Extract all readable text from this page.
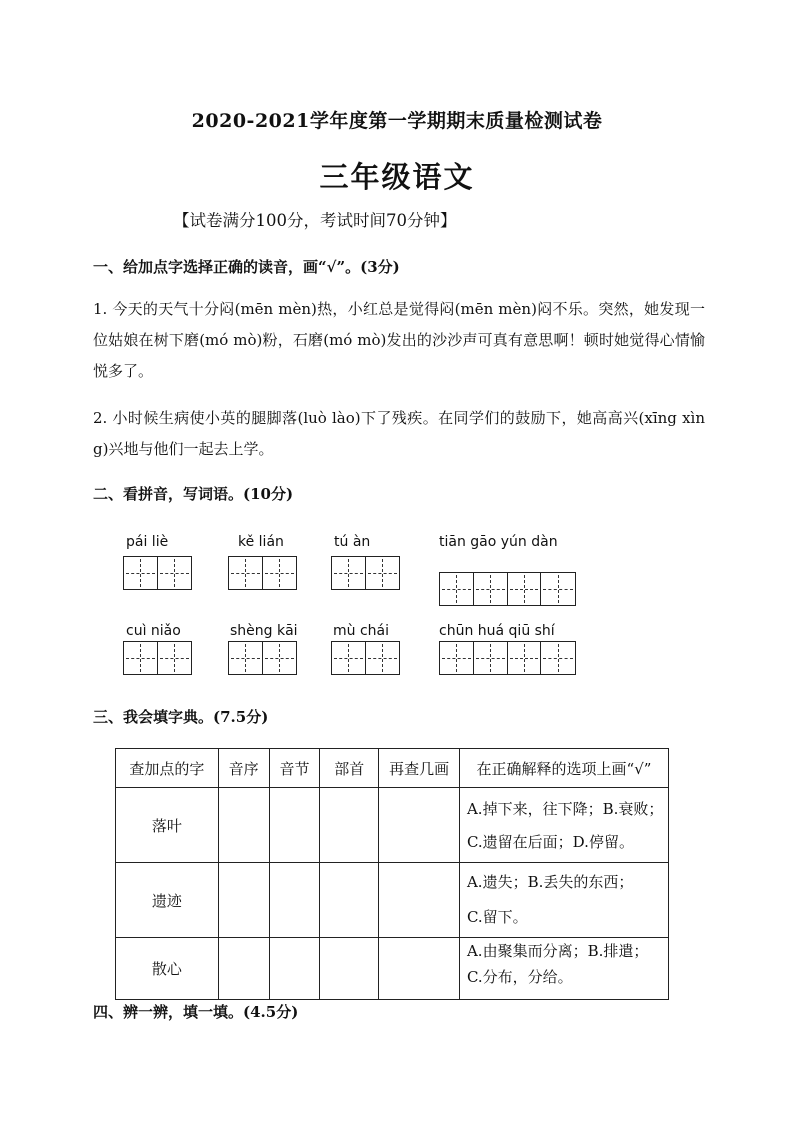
2020-2021学年度第一学期期末质量检测试卷
三年级语文
【试卷满分100分，考试时间70分钟】
一、给加点字选择正确的读音，画“√”。(3分)
1. 今天的天气十分闷(mēn mèn)热，小红总是觉得闷(mēn mèn)闷不乐。突然，她发现一位姑娘在树下磨(mó mò)粉，石磨(mó mò)发出的沙沙声可真有意思啊！顿时她觉得心情愉悦多了。
2. 小时候生病使小英的腿脚落(luò lào)下了残疾。在同学们的鼓励下，她高高兴(xīng xìng)兴地与他们一起去上学。
二、看拼音，写词语。(10分)
pái liè	kě lián	tú àn	tiān gāo yún dàn
cuì niǎo	shèng kāi	mù chái	chūn huá qiū shí
三、我会填字典。(7.5分)
查加点的字	音序	音节	部首	再查几画	在正确解释的选项上画“√”
落叶					A.掉下来，往下降；B.衰败；
C.遗留在后面；D.停留。

遗迹					A.遗失；B.丢失的东西；
C.留下。

散心					A.由聚集而分离；B.排遣；
C.分布，分给。
四、辨一辨，填一填。(4.5分)
